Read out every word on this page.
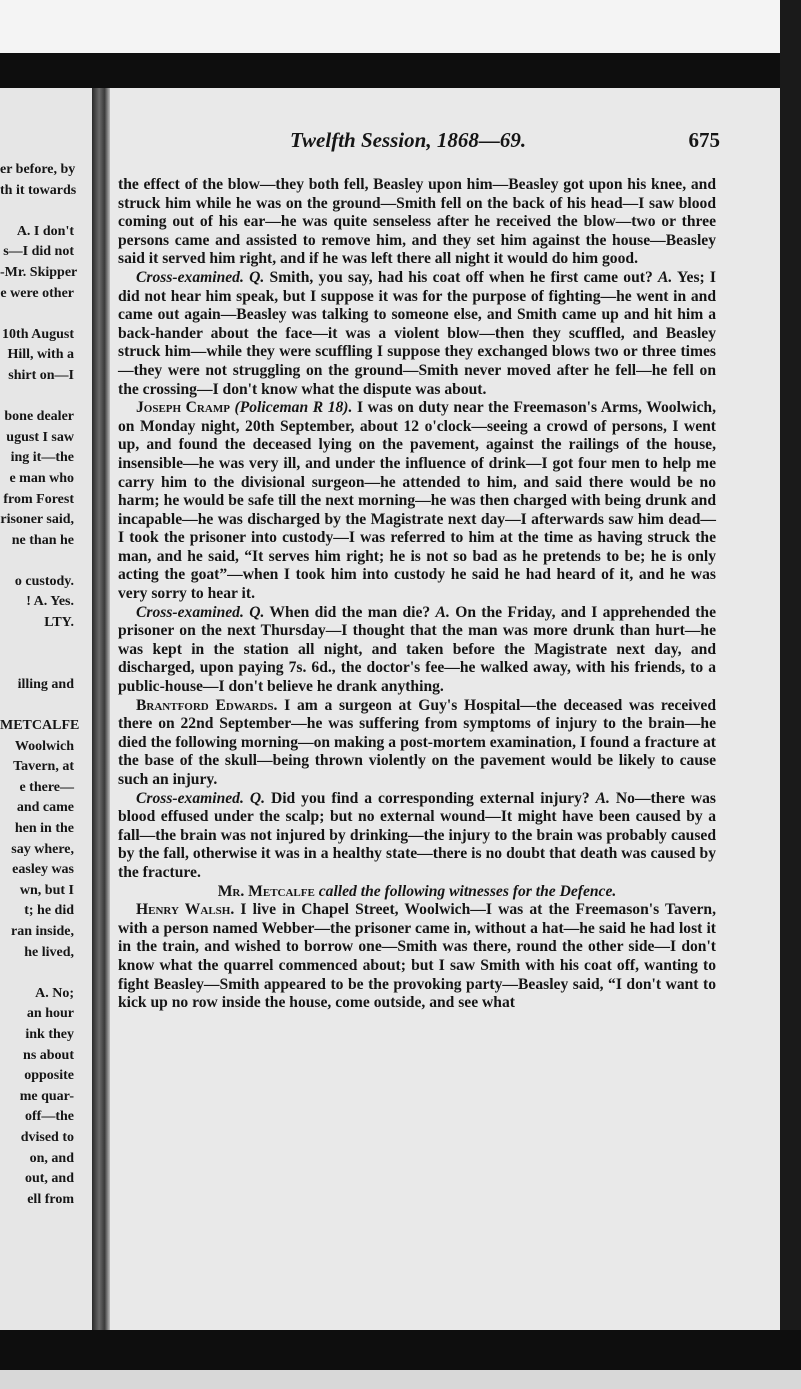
er before, by
th it towards

A. I don't
s—I did not
-Mr. Skipper
e were other

10th August
Hill, with a
shirt on—I

bone dealer
ugust I saw
ing it—the
e man who
from Forest
risoner said,
ne than he

o custody.
! A. Yes.
LTY.

illing and

METCALFE
Woolwich
Tavern, at
e there—
and came
hen in the
say where,
easley was
wn, but I
t; he did
ran inside,
he lived,

A. No;
an hour
ink they
ns about
opposite
me quar-
off—the
dvised to
on, and
out, and
ell from
Twelfth Session, 1868—69.	675

the effect of the blow—they both fell, Beasley upon him—Beasley got upon his knee, and struck him while he was on the ground—Smith fell on the back of his head—I saw blood coming out of his ear—he was quite senseless after he received the blow—two or three persons came and assisted to remove him, and they set him against the house—Beasley said it served him right, and if he was left there all night it would do him good.

Cross-examined. Q. Smith, you say, had his coat off when he first came out? A. Yes; I did not hear him speak, but I suppose it was for the purpose of fighting—he went in and came out again—Beasley was talking to someone else, and Smith came up and hit him a back-hander about the face—it was a violent blow—then they scuffled, and Beasley struck him—while they were scuffling I suppose they exchanged blows two or three times—they were not struggling on the ground—Smith never moved after he fell—he fell on the crossing—I don't know what the dispute was about.

Joseph Cramp (Policeman R 18). I was on duty near the Freemason's Arms, Woolwich, on Monday night, 20th September, about 12 o'clock—seeing a crowd of persons, I went up, and found the deceased lying on the pavement, against the railings of the house, insensible—he was very ill, and under the influence of drink—I got four men to help me carry him to the divisional surgeon—he attended to him, and said there would be no harm; he would be safe till the next morning—he was then charged with being drunk and incapable—he was discharged by the Magistrate next day—I afterwards saw him dead—I took the prisoner into custody—I was referred to him at the time as having struck the man, and he said, “It serves him right; he is not so bad as he pretends to be; he is only acting the goat”—when I took him into custody he said he had heard of it, and he was very sorry to hear it.

Cross-examined. Q. When did the man die? A. On the Friday, and I apprehended the prisoner on the next Thursday—I thought that the man was more drunk than hurt—he was kept in the station all night, and taken before the Magistrate next day, and discharged, upon paying 7s. 6d., the doctor's fee—he walked away, with his friends, to a public-house—I don't believe he drank anything.

Brantford Edwards. I am a surgeon at Guy's Hospital—the deceased was received there on 22nd September—he was suffering from symptoms of injury to the brain—he died the following morning—on making a post-mortem examination, I found a fracture at the base of the skull—being thrown violently on the pavement would be likely to cause such an injury.

Cross-examined. Q. Did you find a corresponding external injury? A. No—there was blood effused under the scalp; but no external wound—It might have been caused by a fall—the brain was not injured by drinking—the injury to the brain was probably caused by the fall, otherwise it was in a healthy state—there is no doubt that death was caused by the fracture.

Mr. Metcalfe called the following witnesses for the Defence.

Henry Walsh. I live in Chapel Street, Woolwich—I was at the Freemason's Tavern, with a person named Webber—the prisoner came in, without a hat—he said he had lost it in the train, and wished to borrow one—Smith was there, round the other side—I don't know what the quarrel commenced about; but I saw Smith with his coat off, wanting to fight Beasley—Smith appeared to be the provoking party—Beasley said, “I don't want to kick up no row inside the house, come outside, and see what
